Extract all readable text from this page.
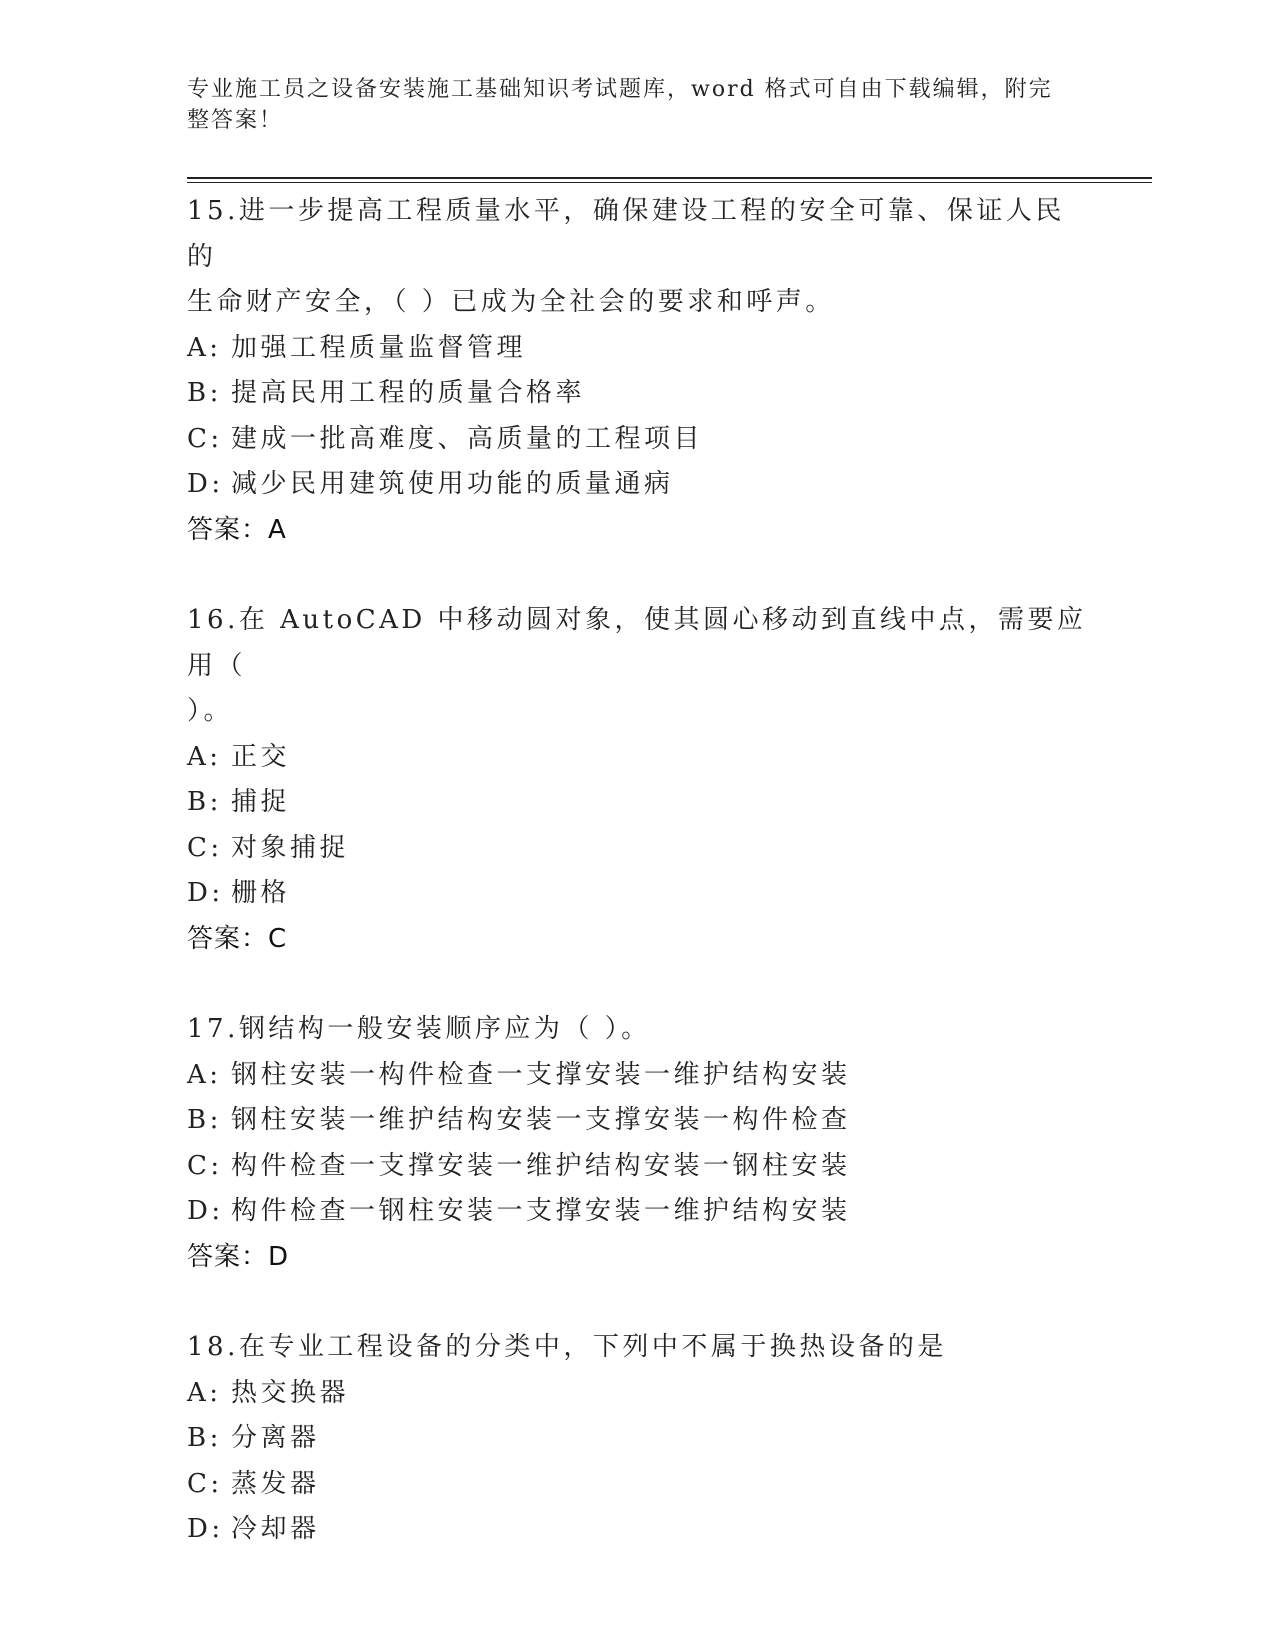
专业施工员之设备安装施工基础知识考试题库，word 格式可自由下载编辑，附完
整答案！
15.进一步提高工程质量水平，确保建设工程的安全可靠、保证人民的
生命财产安全，（ ）已成为全社会的要求和呼声。
A: 加强工程质量监督管理
B: 提高民用工程的质量合格率
C: 建成一批高难度、高质量的工程项目
D: 减少民用建筑使用功能的质量通病
答案：A
16.在 AutoCAD 中移动圆对象，使其圆心移动到直线中点，需要应用（
）。
A: 正交
B: 捕捉
C: 对象捕捉
D: 栅格
答案：C
17.钢结构一般安装顺序应为（ ）。
A: 钢柱安装一构件检查一支撑安装一维护结构安装
B: 钢柱安装一维护结构安装一支撑安装一构件检查
C: 构件检查一支撑安装一维护结构安装一钢柱安装
D: 构件检查一钢柱安装一支撑安装一维护结构安装
答案：D
18.在专业工程设备的分类中，下列中不属于换热设备的是
A: 热交换器
B: 分离器
C: 蒸发器
D: 冷却器
